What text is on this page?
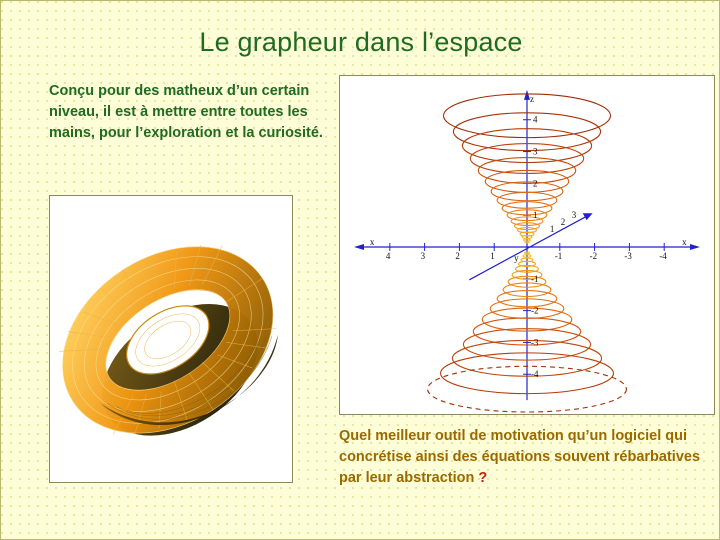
Le grapheur dans l’espace
Conçu pour des matheux d’un certain niveau, il est à mettre entre toutes les mains, pour l’exploration et la curiosité.
z
x	x
y
4	3	2	1	-1	-2	-3	-4
4
3
2
1
-1
-2
-3
-4
3
2
1
Quel meilleur outil de motivation qu’un logiciel qui concrétise ainsi des équations souvent rébarbatives par leur abstraction ?
